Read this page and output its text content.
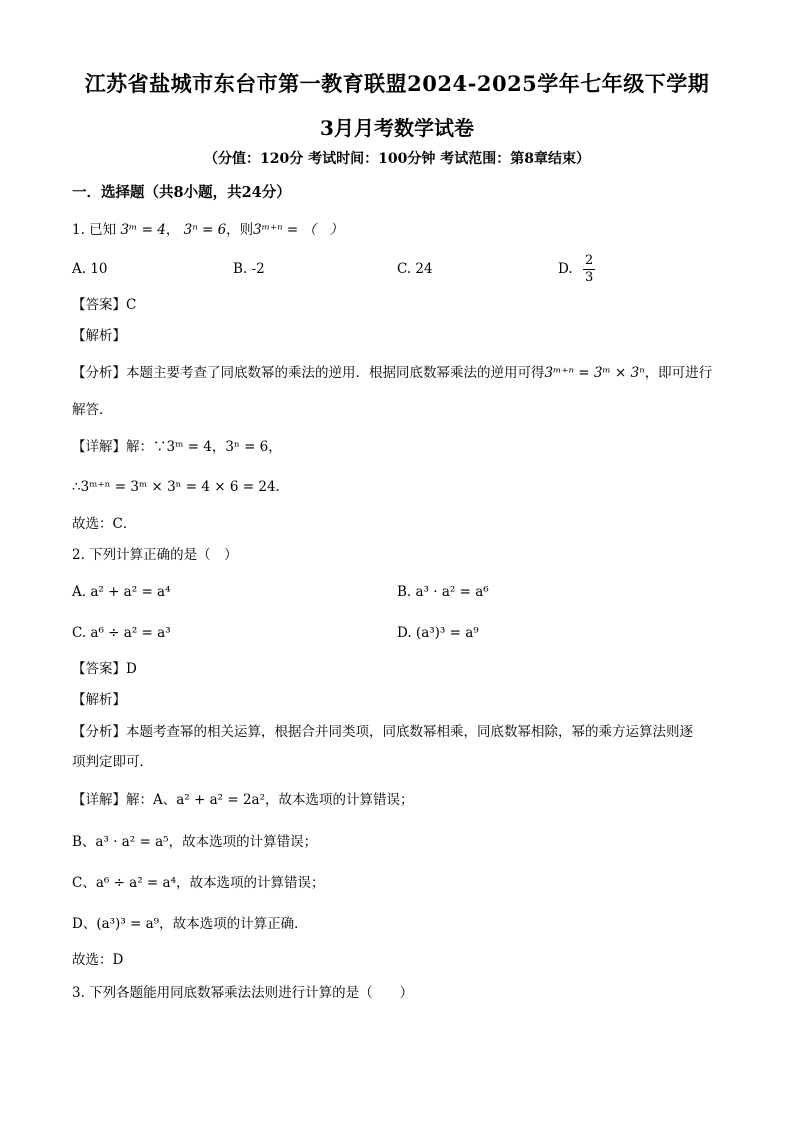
江苏省盐城市东台市第一教育联盟2024-2025学年七年级下学期
3月月考数学试卷
（分值：120分 考试时间：100分钟 考试范围：第8章结束）
一．选择题（共8小题，共24分）
1. 已知 3ᵐ = 4， 3ⁿ = 6，则3ᵐ⁺ⁿ = （　）
A. 10	B. -2	C. 24	D. $\frac{2}{3}$
【答案】C
【解析】
【分析】本题主要考查了同底数幂的乘法的逆用．根据同底数幂乘法的逆用可得3ᵐ⁺ⁿ = 3ᵐ × 3ⁿ，即可进行
解答．
【详解】解：∵3ᵐ = 4，3ⁿ = 6，
∴3ᵐ⁺ⁿ = 3ᵐ × 3ⁿ = 4 × 6 = 24．
故选：C．
2. 下列计算正确的是（　）
A. a² + a² = a⁴	B. a³ · a² = a⁶
C. a⁶ ÷ a² = a³	D. (a³)³ = a⁹
【答案】D
【解析】
【分析】本题考查幂的相关运算，根据合并同类项，同底数幂相乘，同底数幂相除，幂的乘方运算法则逐
项判定即可．
【详解】解：A、a² + a² = 2a²，故本选项的计算错误；
B、a³ · a² = a⁵，故本选项的计算错误；
C、a⁶ ÷ a² = a⁴，故本选项的计算错误；
D、(a³)³ = a⁹，故本选项的计算正确．
故选：D
3. 下列各题能用同底数幂乘法法则进行计算的是（　　）
